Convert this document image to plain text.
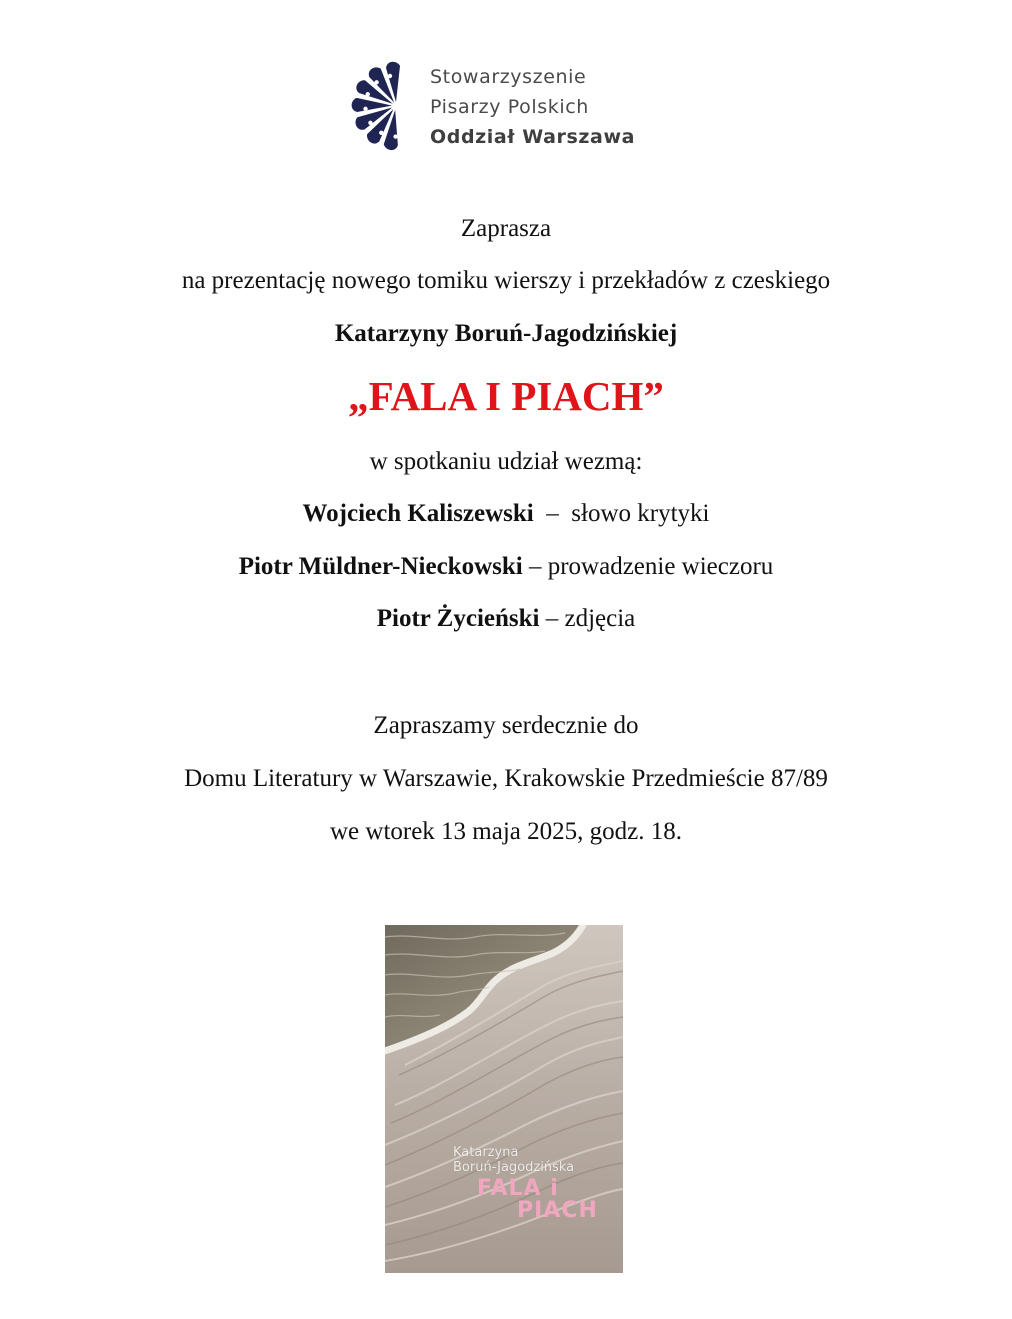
Stowarzyszenie
Pisarzy Polskich
Oddział Warszawa
Zaprasza
na prezentację nowego tomiku wierszy i przekładów z czeskiego
Katarzyny Boruń-Jagodzińskiej
„FALA I PIACH”
w spotkaniu udział wezmą:
Wojciech Kaliszewski  –  słowo krytyki
Piotr Müldner-Nieckowski – prowadzenie wieczoru
Piotr Życieński – zdjęcia
Zapraszamy serdecznie do
Domu Literatury w Warszawie, Krakowskie Przedmieście 87/89
we wtorek 13 maja 2025, godz. 18.
Katarzyna
Boruń-Jagodzińska
FALA i
PIACH
